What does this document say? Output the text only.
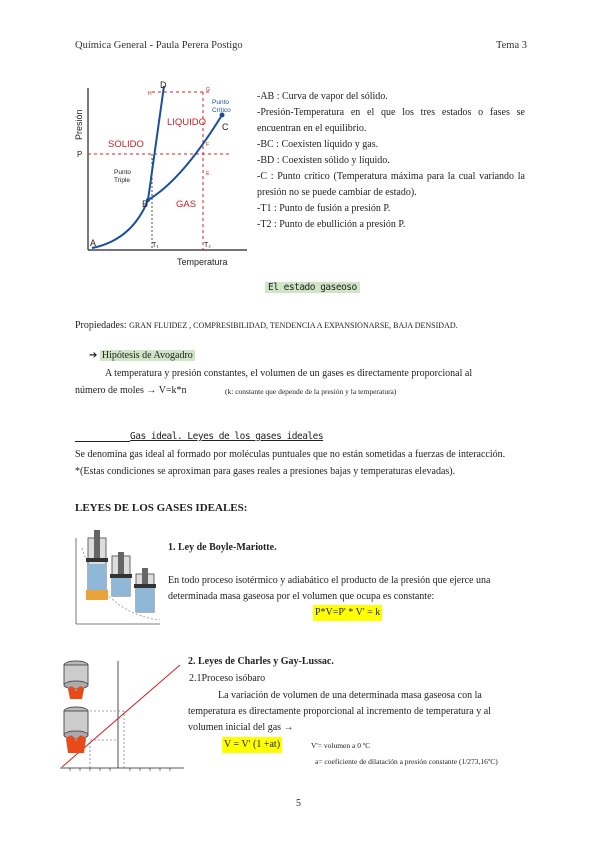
Química General - Paula Perera Postigo	Tema 3
Presión
Temperatura
SOLIDO
LIQUIDO
GAS
Punto
Crítico
Punto
Triple
A
B
C
D
P
T₁	T₂
E
F
G
H	-AB : Curva de vapor del sólido.
-Presión-Temperatura en el que los tres estados o fases se encuentran en el equilibrio.
-BC : Coexisten líquido y gas.
-BD : Coexisten sólido y líquido.
-C : Punto crítico (Temperatura máxima para la cual variando la presión no se puede cambiar de estado).
-T1 : Punto de fusión a presión P.
-T2 : Punto de ebullición a presión P.
El estado gaseoso
Propiedades: GRAN FLUIDEZ , COMPRESIBILIDAD, TENDENCIA A EXPANSIONARSE, BAJA DENSIDAD.
➔ Hipótesis de Avogadro
A temperatura y presión constantes, el volumen de un gases es directamente proporcional al
número de moles → V=k*n	(k: constante que depende de la presión y la temperatura)
Gas ideal. Leyes de los gases ideales
Se denomina gas ideal al formado por moléculas puntuales que no están sometidas a fuerzas de interacción.
*(Estas condiciones se aproximan para gases reales a presiones bajas y temperaturas elevadas).
LEYES DE LOS GASES IDEALES:
1. Ley de Boyle-Mariotte.
En todo proceso isotérmico y adiabático el producto de la presión que ejerce una
determinada masa gaseosa por el volumen que ocupa es constante:
P*V=P' * V' = k
2. Leyes de Charles y Gay-Lussac.
2.1Proceso isóbaro
La variación de volumen de una determinada masa gaseosa con la
temperatura es directamente proporcional al incremento de temperatura y al
volumen inicial del gas →
V = V' (1 +at)	V'= volumen a 0 ºC
a= coeficiente de dilatación a presión constante (1/273,16ºC)
5
